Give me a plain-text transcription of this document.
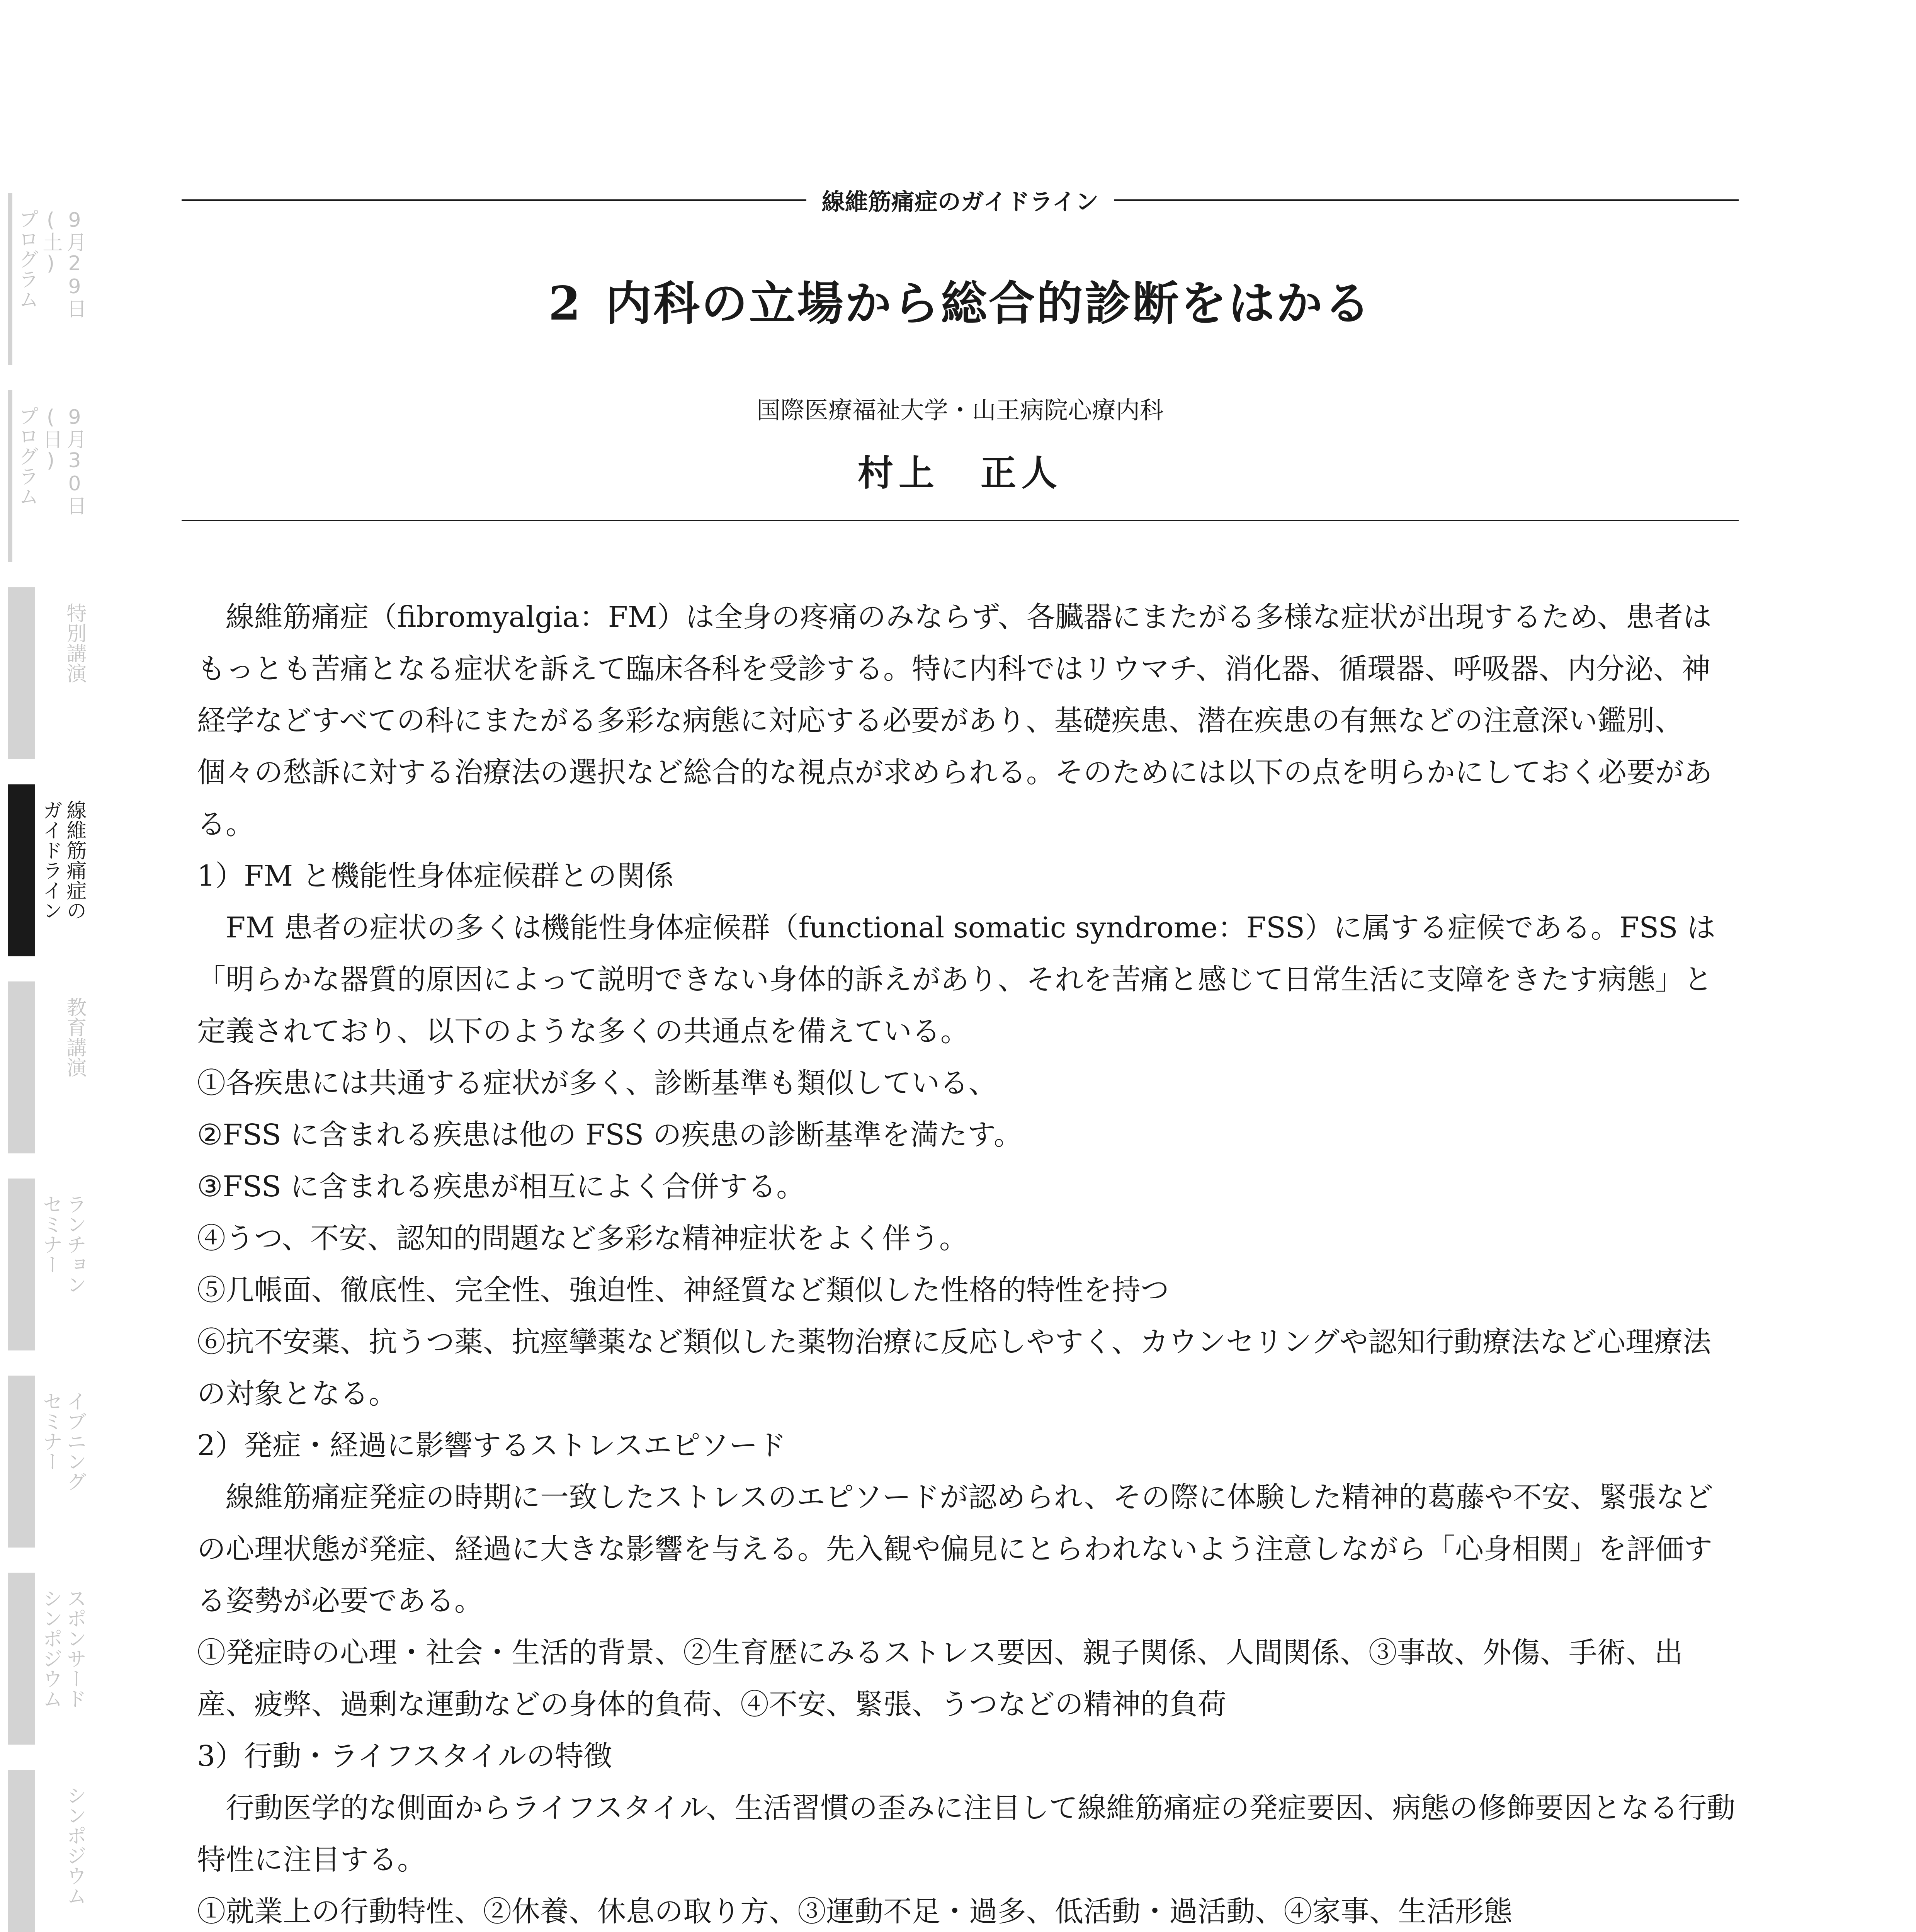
9月29日(土)
プログラム
9月30日(日)
プログラム
特別講演
線維筋痛症の
ガイドライン
教育講演
ランチョン
セミナー
イブニング
セミナー
スポンサード
シンポジウム
シンポジウム
線維筋痛症のガイドライン
2 内科の立場から総合的診断をはかる
国際医療福祉大学・山王病院心療内科
村上　正人

線維筋痛症（fibromyalgia：FM）は全身の疼痛のみならず、各臓器にまたがる多様な症状が出現するため、患者はもっとも苦痛となる症状を訴えて臨床各科を受診する。特に内科ではリウマチ、消化器、循環器、呼吸器、内分泌、神経学などすべての科にまたがる多彩な病態に対応する必要があり、基礎疾患、潜在疾患の有無などの注意深い鑑別、個々の愁訴に対する治療法の選択など総合的な視点が求められる。そのためには以下の点を明らかにしておく必要がある。

1）FM と機能性身体症候群との関係

FM 患者の症状の多くは機能性身体症候群（functional somatic syndrome：FSS）に属する症候である。FSS は「明らかな器質的原因によって説明できない身体的訴えがあり、それを苦痛と感じて日常生活に支障をきたす病態」と定義されており、以下のような多くの共通点を備えている。

①各疾患には共通する症状が多く、診断基準も類似している、

②FSS に含まれる疾患は他の FSS の疾患の診断基準を満たす。

③FSS に含まれる疾患が相互によく合併する。

④うつ、不安、認知的問題など多彩な精神症状をよく伴う。

⑤几帳面、徹底性、完全性、強迫性、神経質など類似した性格的特性を持つ

⑥抗不安薬、抗うつ薬、抗痙攣薬など類似した薬物治療に反応しやすく、カウンセリングや認知行動療法など心理療法の対象となる。

2）発症・経過に影響するストレスエピソード

線維筋痛症発症の時期に一致したストレスのエピソードが認められ、その際に体験した精神的葛藤や不安、緊張などの心理状態が発症、経過に大きな影響を与える。先入観や偏見にとらわれないよう注意しながら「心身相関」を評価する姿勢が必要である。

①発症時の心理・社会・生活的背景、②生育歴にみるストレス要因、親子関係、人間関係、③事故、外傷、手術、出産、疲弊、過剰な運動などの身体的負荷、④不安、緊張、うつなどの精神的負荷

3）行動・ライフスタイルの特徴

行動医学的な側面からライフスタイル、生活習慣の歪みに注目して線維筋痛症の発症要因、病態の修飾要因となる行動特性に注目する。

①就業上の行動特性、②休養、休息の取り方、③運動不足・過多、低活動・過活動、④家事、生活形態
